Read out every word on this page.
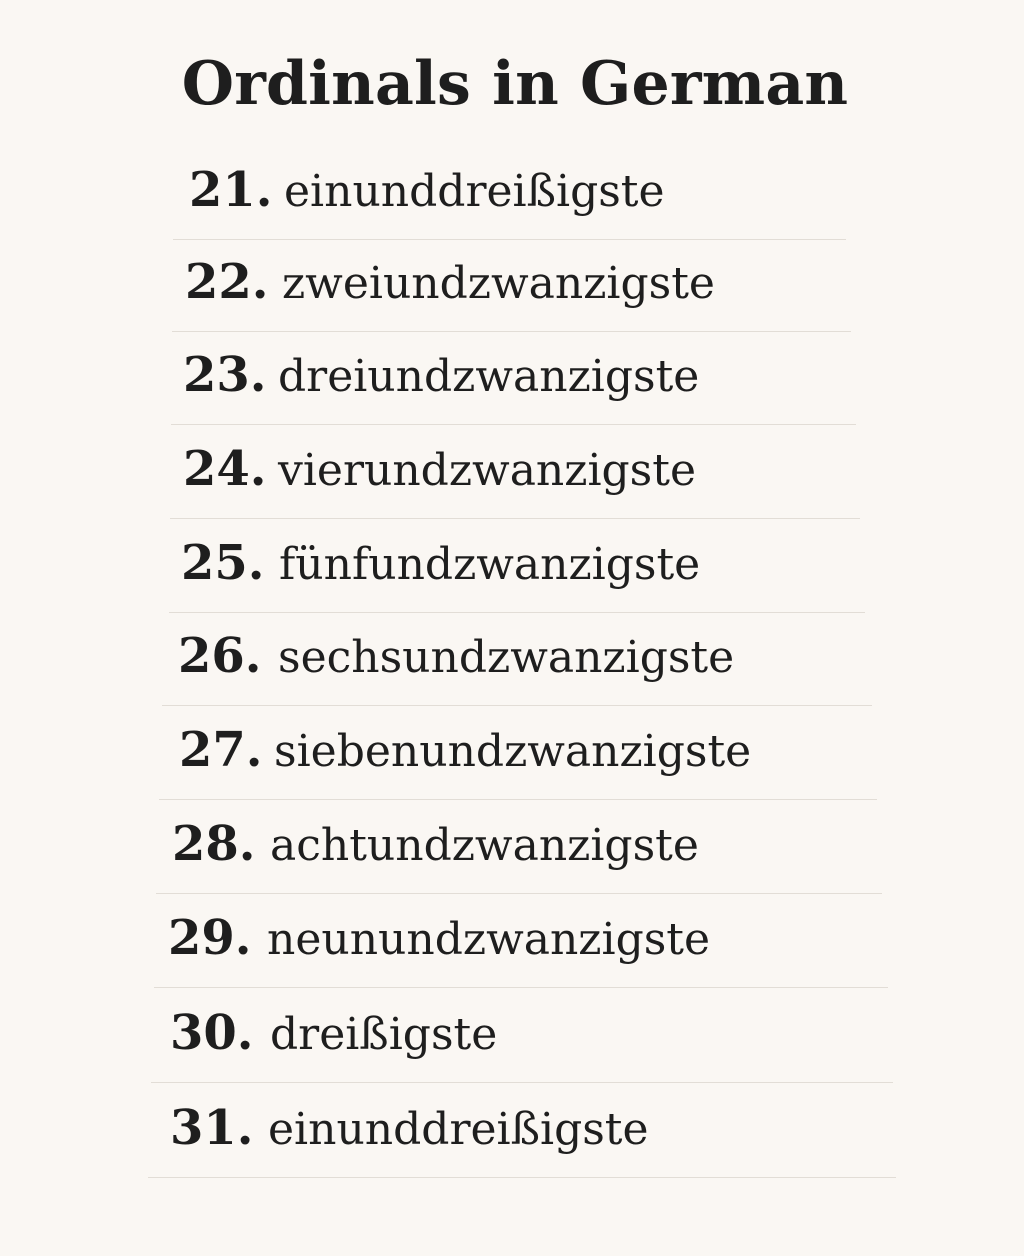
Ordinals in German
21. einunddreißigste
22. zweiundzwanzigste
23. dreiundzwanzigste
24. vierundzwanzigste
25. fünfundzwanzigste
26. sechsundzwanzigste
27. siebenundzwanzigste
28. achtundzwanzigste
29. neunundzwanzigste
30. dreißigste
31. einunddreißigste
